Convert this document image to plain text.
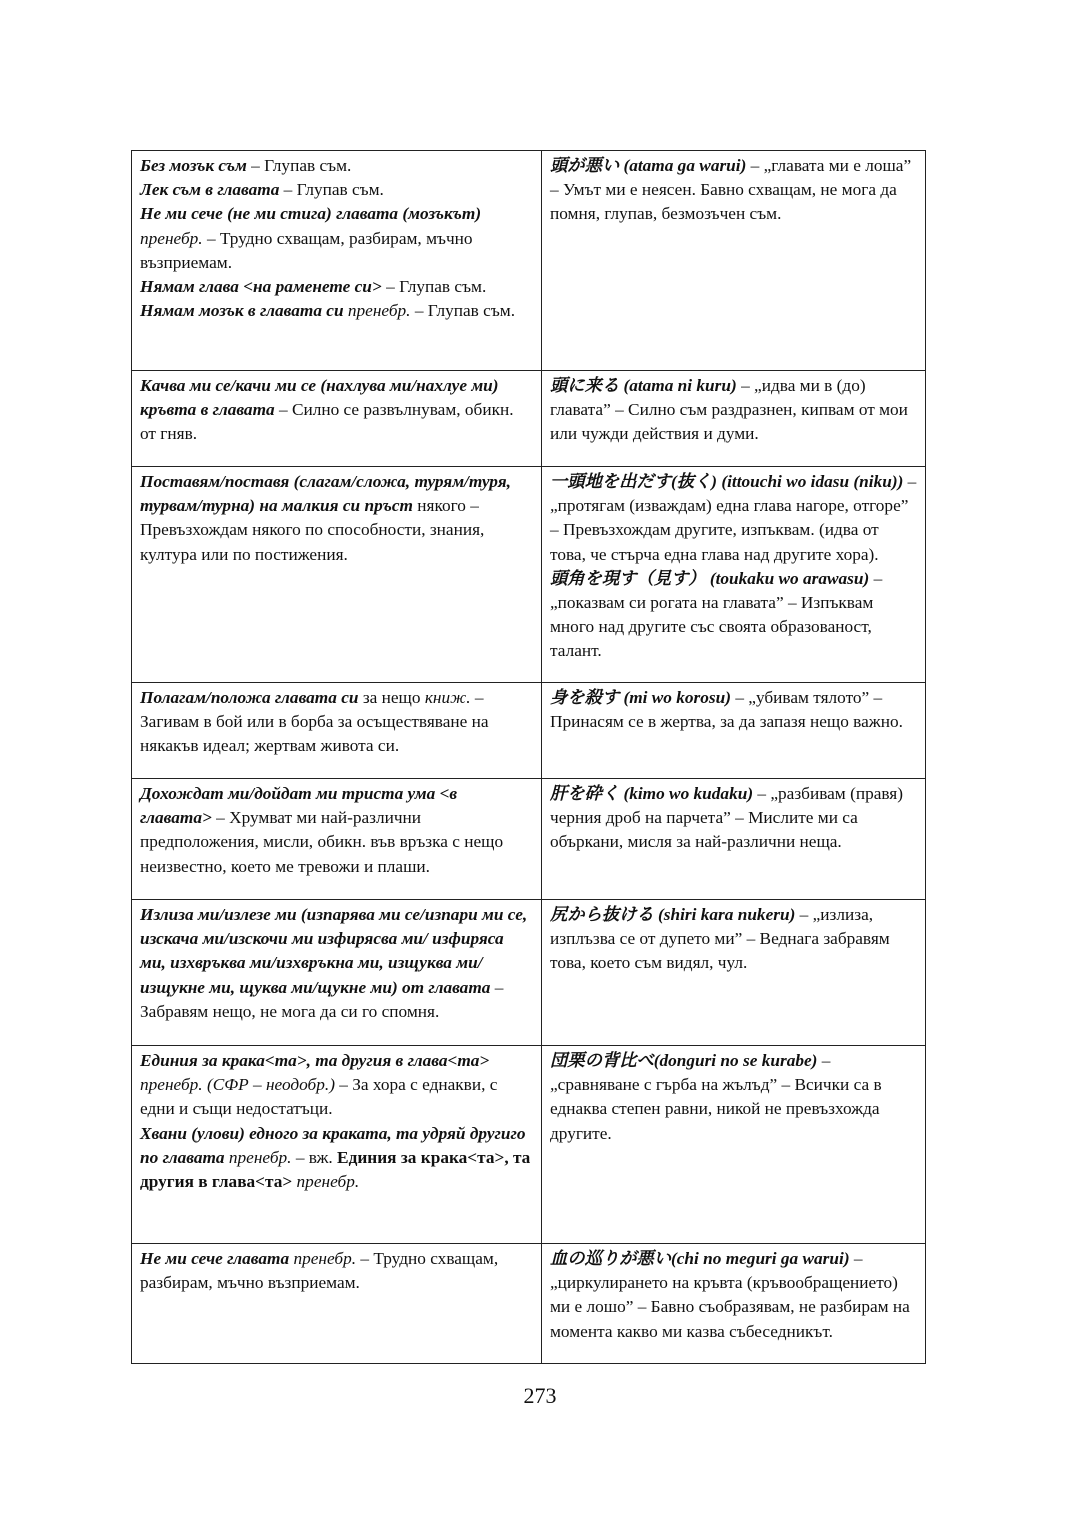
Без мозък съм – Глупав съм.
Лек съм в главата – Глупав съм.
Не ми сече (не ми стига) главата (мозъкът) пренебр. – Трудно схващам, разбирам, мъчно възприемам.
Нямам глава <на раменете си> – Глупав съм.
Нямам мозък в главата си пренебр. – Глупав съм.	頭が悪い (atama ga warui) – „главата ми е лоша” – Умът ми е неясен. Бавно схващам, не мога да помня, глупав, безмозъчен съм.

Качва ми се/качи ми се (нахлува ми/нахлуе ми) кръвта в главата – Силно се развълнувам, обикн. от гняв.	頭に来る (atama ni kuru) – „идва ми в (до) главата” – Силно съм раздразнен, кипвам от мои или чужди действия и думи.

Поставям/поставя (слагам/сложа, турям/туря, турвам/турна) на малкия си пръст някого – Превъзхождам някого по способности, знания, култура или по постижения.	一頭地を出だす(抜く) (ittouchi wo idasu (niku)) – „протягам (изваждам) една глава нагоре, отгоре” – Превъзхождам другите, изпъквам. (идва от това, че стърча една глава над другите хора).
頭角を現す（見す） (toukaku wo arawasu) – „показвам си рогата на главата” – Изпъквам много над другите със своята образованост, талант.

Полагам/положа главата си за нещо книж. – Загивам в бой или в борба за осъществяване на някакъв идеал; жертвам живота си.	身を殺す (mi wo korosu) – „убивам тялото” – Принасям се в жертва, за да запазя нещо важно.

Дохождат ми/дойдат ми триста ума <в главата> – Хрумват ми най-различни предположения, мисли, обикн. във връзка с нещо неизвестно, което ме тревожи и плаши.	肝を砕く (kimo wo kudaku) – „разбивам (правя) черния дроб на парчета” – Мислите ми са объркани, мисля за най-различни неща.

Излиза ми/излезе ми (изпарява ми се/изпари ми се, изскача ми/изскочи ми изфирясва ми/ изфиряса ми, изхвръква ми/изхвръкна ми, изщуква ми/изщукне ми, щуква ми/щукне ми) от главата – Забравям нещо, не мога да си го спомня.	尻から抜ける (shiri kara nukeru) – „излиза, изплъзва се от дупето ми” – Веднага забравям това, което съм видял, чул.

Единия за крака<та>, та другия в глава<та> пренебр. (СФР – неодобр.) – За хора с еднакви, с едни и същи недостатъци.
Хвани (улови) едного за краката, та удряй другиго по главата пренебр. – вж. Единия за крака<та>, та другия в глава<та> пренебр.	団栗の背比べ(donguri no se kurabe) – „сравняване с гърба на жълъд” – Всички са в еднаква степен равни, никой не превъзхожда другите.

Не ми сече главата пренебр. – Трудно схващам, разбирам, мъчно възприемам.	血の巡りが悪い(chi no meguri ga warui) – „циркулирането на кръвта (кръвообращението) ми е лошо” – Бавно съобразявам, не разбирам на момента какво ми казва събеседникът.
273
